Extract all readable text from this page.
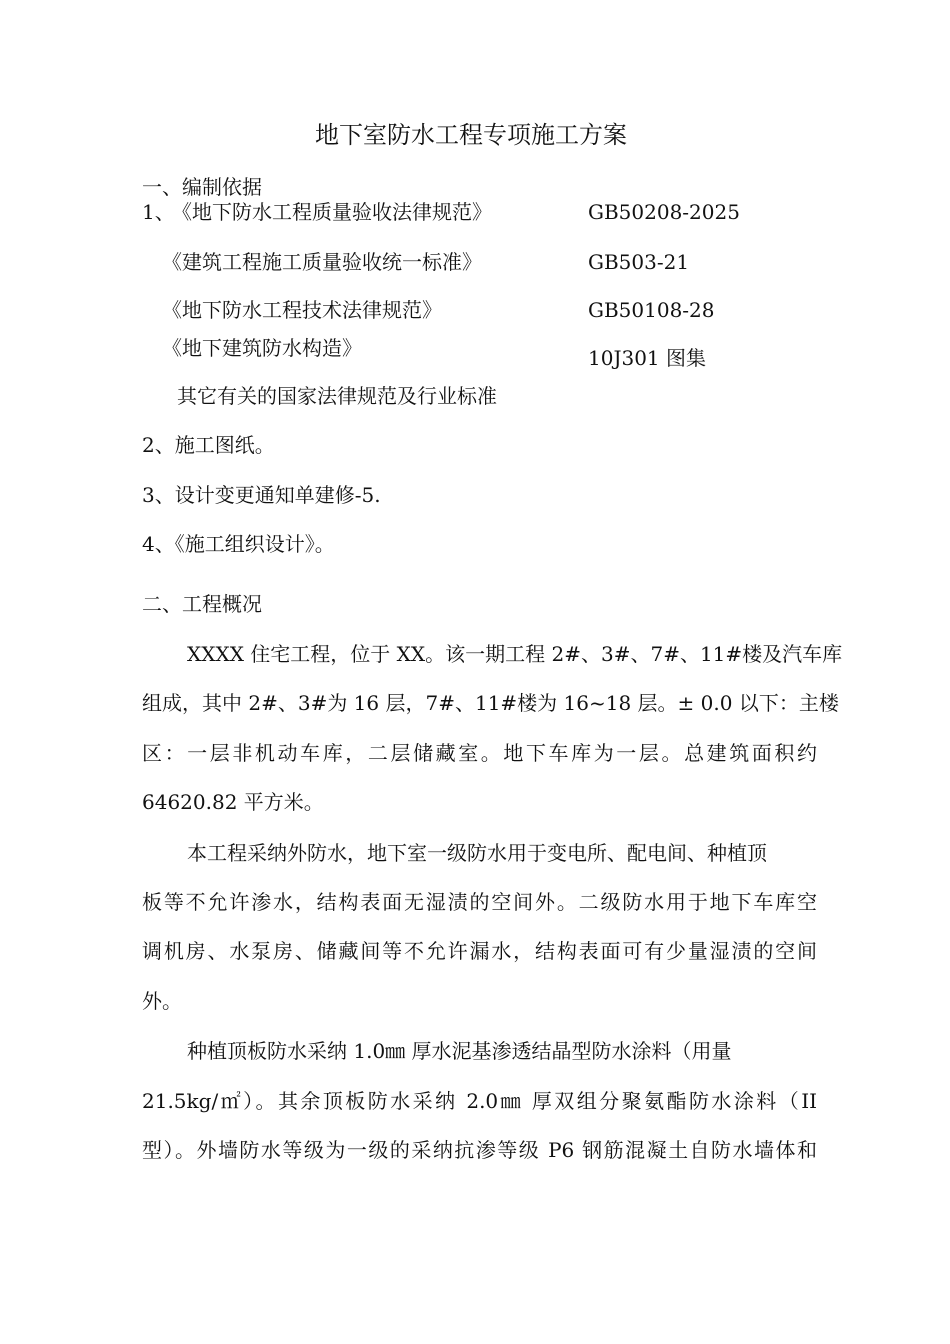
地下室防水工程专项施工方案
一、编制依据
1、
《地下防水工程质量验收法律规范》	GB50208-2025
《建筑工程施工质量验收统一标准》	GB503-21
《地下防水工程技术法律规范》	GB50108-28
《地下建筑防水构造》	10J301 图集
其它有关的国家法律规范及行业标准
2、施工图纸。
3、设计变更通知单建修-5.
4、《施工组织设计》。
二、工程概况
XXXX 住宅工程，位于 XX。该一期工程 2#、3#、7#、11#楼及汽车库
组成，其中 2#、3#为 16 层，7#、11#楼为 16~18 层。± 0.0 以下：主楼
区：一层非机动车库，二层储藏室。地下车库为一层。总建筑面积约
64620.82 平方米。
本工程采纳外防水，地下室一级防水用于变电所、配电间、种植顶
板等不允许渗水，结构表面无湿渍的空间外。二级防水用于地下车库空
调机房、水泵房、储藏间等不允许漏水，结构表面可有少量湿渍的空间
外。
种植顶板防水采纳 1.0㎜ 厚水泥基渗透结晶型防水涂料（用量
21.5kg/㎡）。其余顶板防水采纳 2.0㎜ 厚双组分聚氨酯防水涂料（II
型）。外墙防水等级为一级的采纳抗渗等级 P6 钢筋混凝土自防水墙体和
